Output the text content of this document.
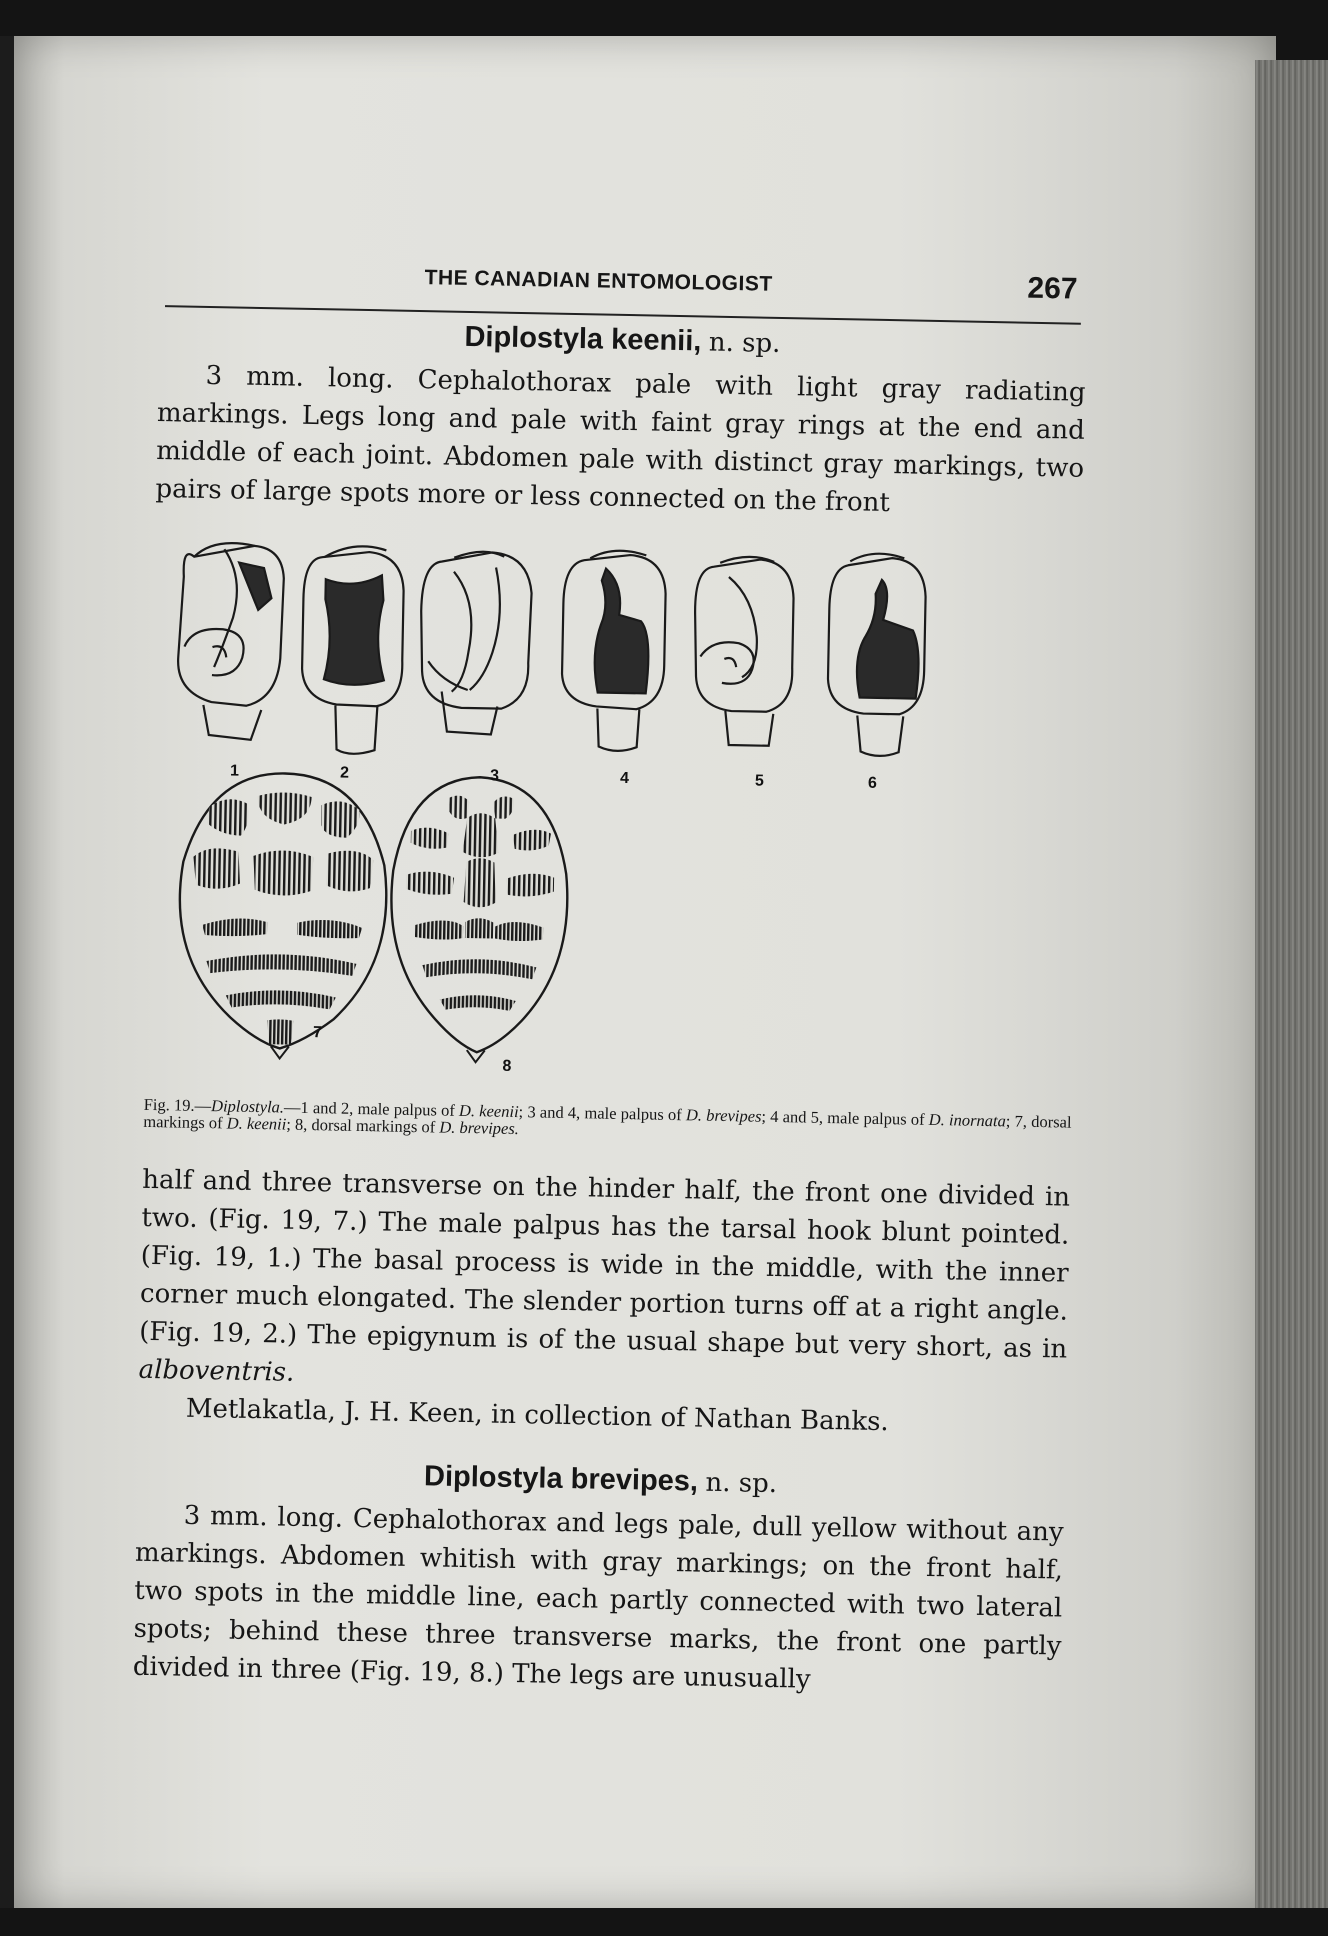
THE CANADIAN ENTOMOLOGIST	267
Diplostyla keenii, n. sp.

3 mm. long. Cephalothorax pale with light gray radiating markings. Legs long and pale with faint gray rings at the end and middle of each joint. Abdomen pale with distinct gray markings, two pairs of large spots more or less connected on the front

1	2	3	4	5	6
7
8

Fig. 19.—Diplostyla.—1 and 2, male palpus of D. keenii; 3 and 4, male palpus of D. brevipes; 4 and 5, male palpus of D. inornata; 7, dorsal markings of D. keenii; 8, dorsal markings of D. brevipes.

half and three transverse on the hinder half, the front one divided in two. (Fig. 19, 7.) The male palpus has the tarsal hook blunt pointed. (Fig. 19, 1.) The basal process is wide in the middle, with the inner corner much elongated. The slender portion turns off at a right angle. (Fig. 19, 2.) The epigynum is of the usual shape but very short, as in alboventris.

Metlakatla, J. H. Keen, in collection of Nathan Banks.

Diplostyla brevipes, n. sp.

3 mm. long. Cephalothorax and legs pale, dull yellow without any markings. Abdomen whitish with gray markings; on the front half, two spots in the middle line, each partly connected with two lateral spots; behind these three transverse marks, the front one partly divided in three (Fig. 19, 8.) The legs are unusually
